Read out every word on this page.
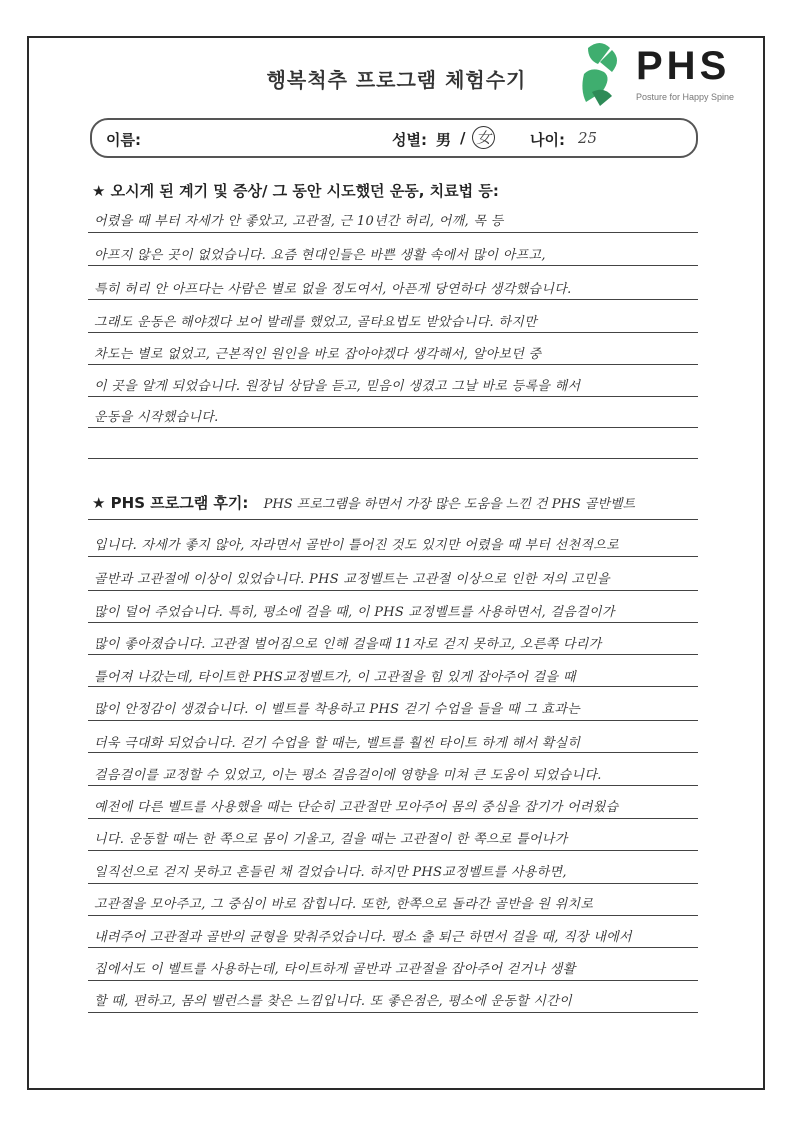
행복척추 프로그램 체험수기	PHS
Posture for Happy Spine
이름:	성별: 男 / 女	나이: 25
★ 오시게 된 계기 및 증상/ 그 동안 시도했던 운동, 치료법 등:
어렸을 때 부터 자세가 안 좋았고, 고관절, 근 10년간 허리, 어깨, 목 등
아프지 않은 곳이 없었습니다. 요즘 현대인들은 바쁜 생활 속에서 많이 아프고,
특히 허리 안 아프다는 사람은 별로 없을 정도여서, 아픈게 당연하다 생각했습니다.
그래도 운동은 해야겠다 보어 발레를 했었고, 골타요법도 받았습니다. 하지만
차도는 별로 없었고, 근본적인 원인을 바로 잡아야겠다 생각해서, 알아보던 중
이 곳을 알게 되었습니다. 원장님 상담을 듣고, 믿음이 생겼고 그날 바로 등록을 해서
운동을 시작했습니다.
★ PHS 프로그램 후기: PHS 프로그램을 하면서 가장 많은 도움을 느낀 건 PHS 골반벨트
입니다. 자세가 좋지 않아, 자라면서 골반이 틀어진 것도 있지만 어렸을 때 부터 선천적으로
골반과 고관절에 이상이 있었습니다. PHS 교정벨트는 고관절 이상으로 인한 저의 고민을
많이 덜어 주었습니다. 특히, 평소에 걸을 때, 이 PHS 교정벨트를 사용하면서, 걸음걸이가
많이 좋아졌습니다. 고관절 벌어짐으로 인해 걸을때 11자로 걷지 못하고, 오른쪽 다리가
틀어져 나갔는데, 타이트한 PHS교정벨트가, 이 고관절을 힘 있게 잡아주어 걸을 때
많이 안정감이 생겼습니다. 이 벨트를 착용하고 PHS 걷기 수업을 들을 때 그 효과는
더욱 극대화 되었습니다. 걷기 수업을 할 때는, 벨트를 훨씬 타이트 하게 해서 확실히
걸음걸이를 교정할 수 있었고, 이는 평소 걸음걸이에 영향을 미쳐 큰 도움이 되었습니다.
예전에 다른 벨트를 사용했을 때는 단순히 고관절만 모아주어 몸의 중심을 잡기가 어려웠습
니다. 운동할 때는 한 쪽으로 몸이 기울고, 걸을 때는 고관절이 한 쪽으로 틀어나가
일직선으로 걷지 못하고 흔들린 채 걸었습니다. 하지만 PHS교정벨트를 사용하면,
고관절을 모아주고, 그 중심이 바로 잡힙니다. 또한, 한쪽으로 돌라간 골반을 원 위치로
내려주어 고관절과 골반의 균형을 맞춰주었습니다. 평소 출 퇴근 하면서 걸을 때, 직장 내에서
집에서도 이 벨트를 사용하는데, 타이트하게 골반과 고관절을 잡아주어 걷거나 생활
할 때, 편하고, 몸의 밸런스를 찾은 느낌입니다. 또 좋은점은, 평소에 운동할 시간이
